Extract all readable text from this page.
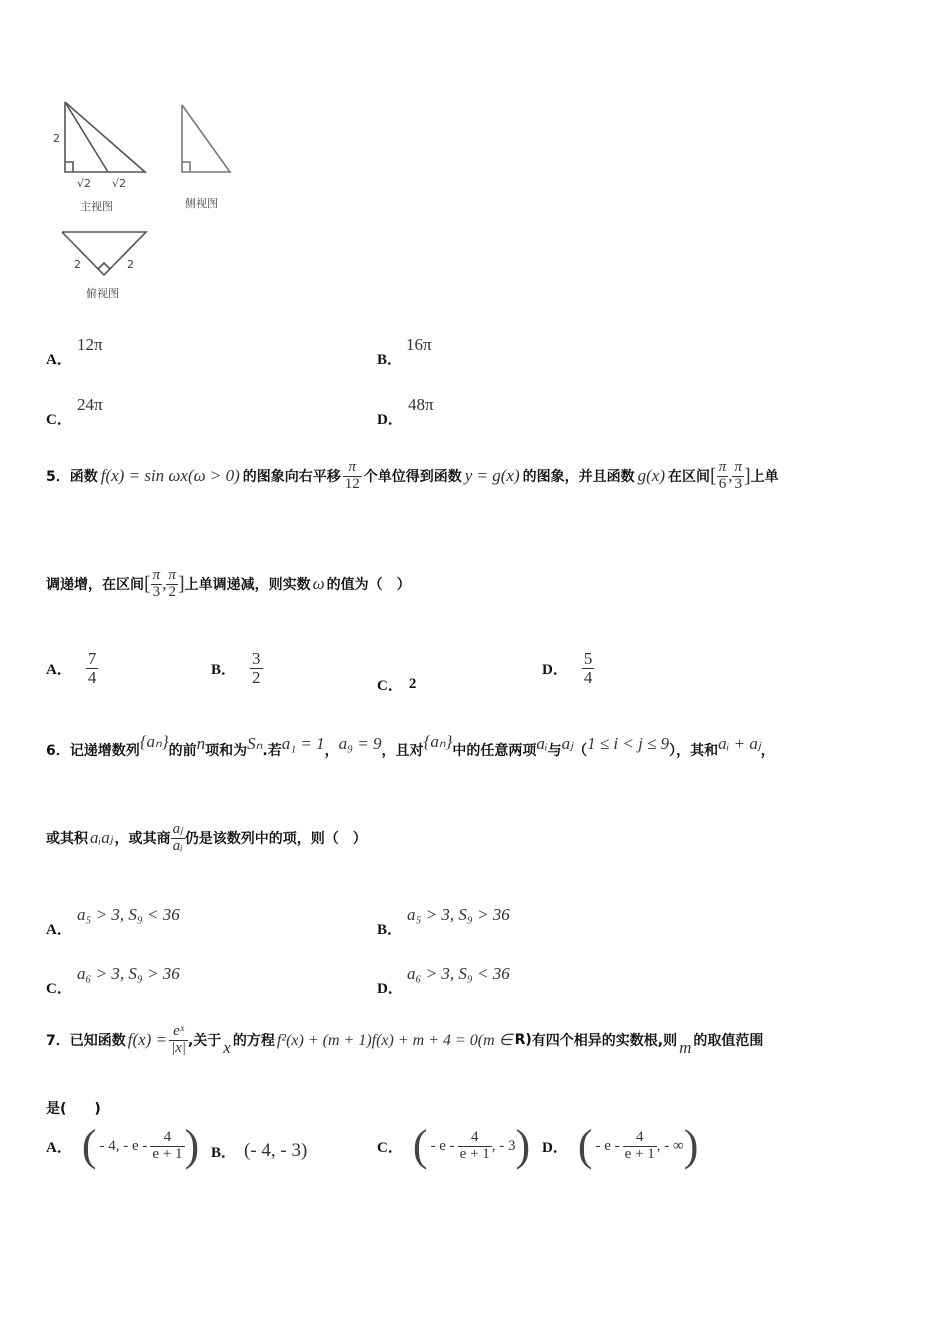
2
√2 √2
主视图	侧视图
2	2
俯视图
A．
12π
B．
16π
C．
24π
D．
48π
5． 函数 f(x) = sin ωx(ω > 0) 的图象向右平移 $\frac{\pi}{12}$ 个单位得到函数 y = g(x) 的图象，并且函数 g(x) 在区间 [ $\frac{\pi}{6}$ , $\frac{\pi}{3}$ ] 上单
调递增，在区间 [ $\frac{\pi}{3}$ , $\frac{\pi}{2}$ ] 上单调递减，则实数 ω 的值为（　）
A． $\frac{7}{4}$	B． $\frac{3}{2}$	C． 2
D． $\frac{5}{4}$
6． 记递增数列 {aₙ} 的前 n 项和为 Sₙ .若 a₁ = 1 ， a₉ = 9 ，且对 {aₙ} 中的任意两项 aᵢ 与 aⱼ （ 1 ≤ i < j ≤ 9 ），其和 aᵢ + aⱼ ，
或其积 aᵢaⱼ ，或其商 $\frac{\text{aⱼ}}{\text{aᵢ}}$ 仍是该数列中的项，则（　）
A．
a₅ > 3, S₉ < 36
B．
a₅ > 3, S₉ > 36
C．
a₆ > 3, S₉ > 36
D．
a₆ > 3, S₉ < 36
7． 已知函数 $f(x) = \frac{\text{eˣ}}{|x|}$ ,关于 x 的方程 f²(x) + (m + 1)f(x) + m + 4 = 0(m ∈ R) 有四个相异的实数根,则 m 的取值范围
是(　　)
A． ( - 4, - e - $\frac{4}{e + 1}$ ) B． (- 4, - 3)	C． ( - e - $\frac{4}{e + 1}$ , - 3 ) D． ( - e - $\frac{4}{e + 1}$ , - ∞ )
